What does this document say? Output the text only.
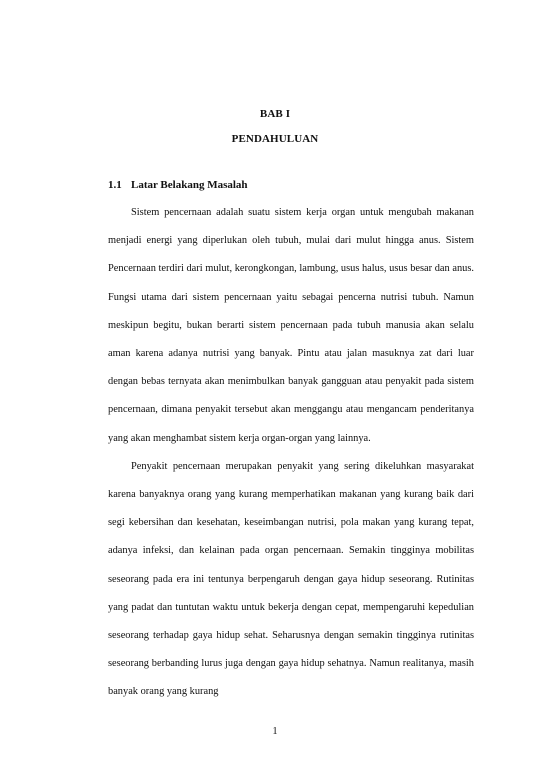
BAB I
PENDAHULUAN
1.1 Latar Belakang Masalah

Sistem pencernaan adalah suatu sistem kerja organ untuk mengubah makanan menjadi energi yang diperlukan oleh tubuh, mulai dari mulut hingga anus. Sistem Pencernaan terdiri dari mulut, kerongkongan, lambung, usus halus, usus besar dan anus. Fungsi utama dari sistem pencernaan yaitu sebagai pencerna nutrisi tubuh. Namun meskipun begitu, bukan berarti sistem pencernaan pada tubuh manusia akan selalu aman karena adanya nutrisi yang banyak. Pintu atau jalan masuknya zat dari luar dengan bebas ternyata akan menimbulkan banyak gangguan atau penyakit pada sistem pencernaan, dimana penyakit tersebut akan menggangu atau mengancam penderitanya yang akan menghambat sistem kerja organ-organ yang lainnya.

Penyakit pencernaan merupakan penyakit yang sering dikeluhkan masyarakat karena banyaknya orang yang kurang memperhatikan makanan yang kurang baik dari segi kebersihan dan kesehatan, keseimbangan nutrisi, pola makan yang kurang tepat, adanya infeksi, dan kelainan pada organ pencernaan. Semakin tingginya mobilitas seseorang pada era ini tentunya berpengaruh dengan gaya hidup seseorang. Rutinitas yang padat dan tuntutan waktu untuk bekerja dengan cepat, mempengaruhi kepedulian seseorang terhadap gaya hidup sehat. Seharusnya dengan semakin tingginya rutinitas seseorang berbanding lurus juga dengan gaya hidup sehatnya. Namun realitanya, masih banyak orang yang kurang

1
